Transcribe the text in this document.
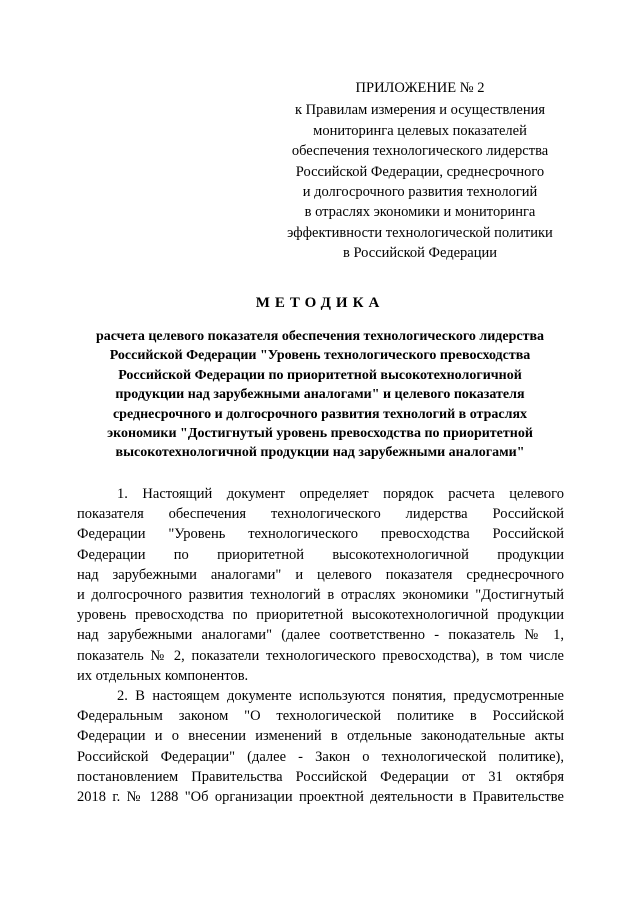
ПРИЛОЖЕНИЕ № 2
к Правилам измерения и осуществления
мониторинга целевых показателей
обеспечения технологического лидерства
Российской Федерации, среднесрочного
и долгосрочного развития технологий
в отраслях экономики и мониторинга
эффективности технологической политики
в Российской Федерации
МЕТОДИКА
расчета целевого показателя обеспечения технологического лидерства
Российской Федерации "Уровень технологического превосходства
Российской Федерации по приоритетной высокотехнологичной
продукции над зарубежными аналогами" и целевого показателя
среднесрочного и долгосрочного развития технологий в отраслях
экономики "Достигнутый уровень превосходства по приоритетной
высокотехнологичной продукции над зарубежными аналогами"
1. Настоящий документ определяет порядок расчета целевого
показателя обеспечения технологического лидерства Российской
Федерации "Уровень технологического превосходства Российской
Федерации по приоритетной высокотехнологичной продукции
над зарубежными аналогами" и целевого показателя среднесрочного
и долгосрочного развития технологий в отраслях экономики "Достигнутый
уровень превосходства по приоритетной высокотехнологичной продукции
над зарубежными аналогами" (далее соответственно - показатель № 1,
показатель № 2, показатели технологического превосходства), в том числе
их отдельных компонентов.
2. В настоящем документе используются понятия, предусмотренные
Федеральным законом "О технологической политике в Российской
Федерации и о внесении изменений в отдельные законодательные акты
Российской Федерации" (далее - Закон о технологической политике),
постановлением Правительства Российской Федерации от 31 октября
2018 г. № 1288 "Об организации проектной деятельности в Правительстве
